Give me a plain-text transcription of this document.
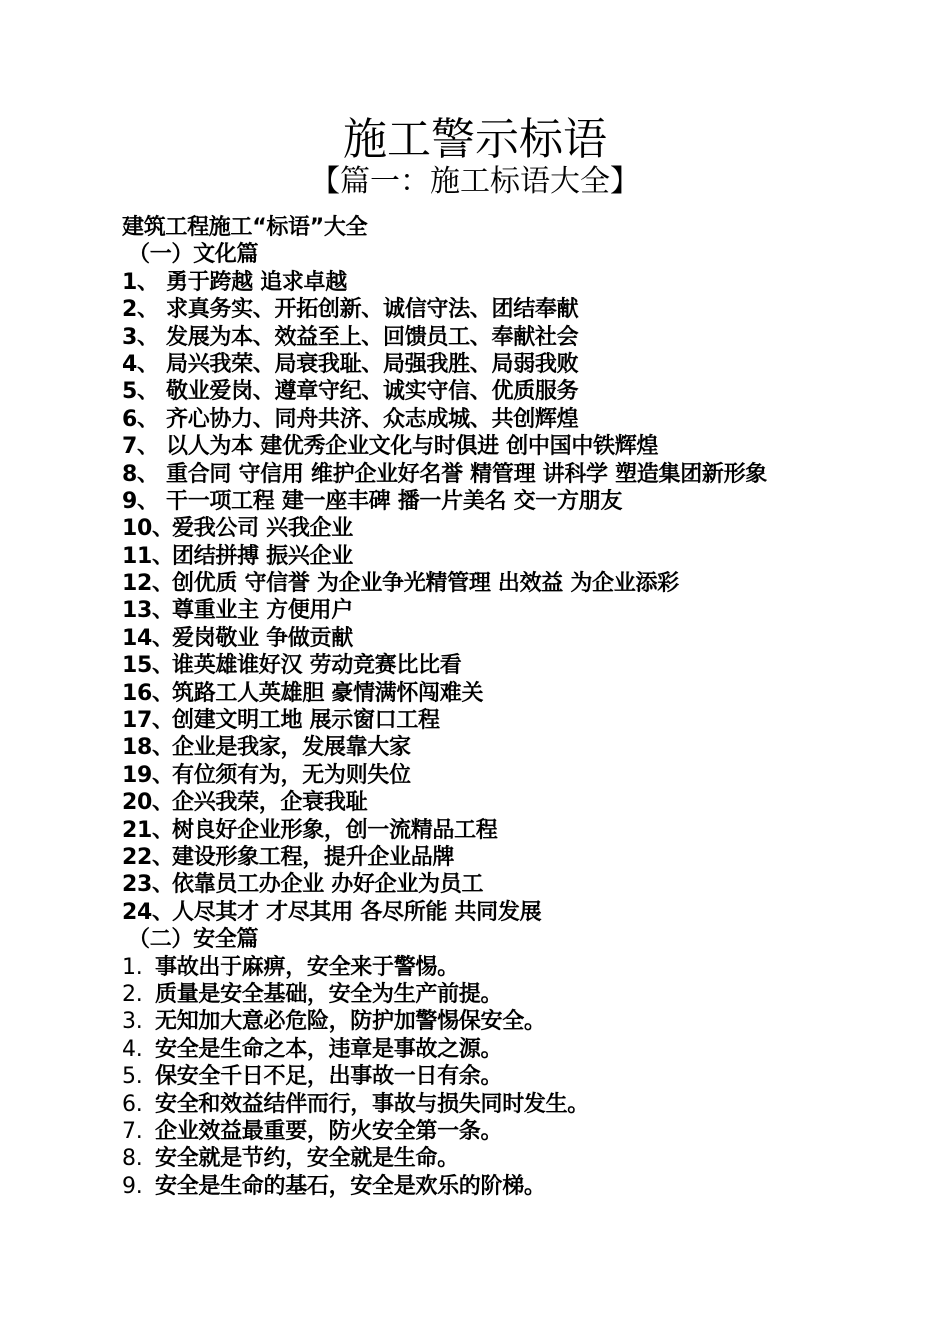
施工警示标语
【篇一：施工标语大全】
建筑工程施工“标语”大全
（一）文化篇
1、 勇于跨越 追求卓越
2、 求真务实、开拓创新、诚信守法、团结奉献
3、 发展为本、效益至上、回馈员工、奉献社会
4、 局兴我荣、局衰我耻、局强我胜、局弱我败
5、 敬业爱岗、遵章守纪、诚实守信、优质服务
6、 齐心协力、同舟共济、众志成城、共创辉煌
7、 以人为本 建优秀企业文化与时俱进 创中国中铁辉煌
8、 重合同 守信用 维护企业好名誉 精管理 讲科学 塑造集团新形象
9、 干一项工程 建一座丰碑 播一片美名 交一方朋友
10、爱我公司 兴我企业
11、团结拼搏 振兴企业
12、创优质 守信誉 为企业争光精管理 出效益 为企业添彩
13、尊重业主 方便用户
14、爱岗敬业 争做贡献
15、谁英雄谁好汉 劳动竞赛比比看
16、筑路工人英雄胆 豪情满怀闯难关
17、创建文明工地 展示窗口工程
18、企业是我家，发展靠大家
19、有位须有为，无为则失位
20、企兴我荣，企衰我耻
21、树良好企业形象，创一流精品工程
22、建设形象工程，提升企业品牌
23、依靠员工办企业 办好企业为员工
24、人尽其才 才尽其用 各尽所能 共同发展
（二）安全篇
1. 事故出于麻痹，安全来于警惕。
2. 质量是安全基础，安全为生产前提。
3. 无知加大意必危险，防护加警惕保安全。
4. 安全是生命之本，违章是事故之源。
5. 保安全千日不足，出事故一日有余。
6. 安全和效益结伴而行，事故与损失同时发生。
7. 企业效益最重要，防火安全第一条。
8. 安全就是节约，安全就是生命。
9. 安全是生命的基石，安全是欢乐的阶梯。
